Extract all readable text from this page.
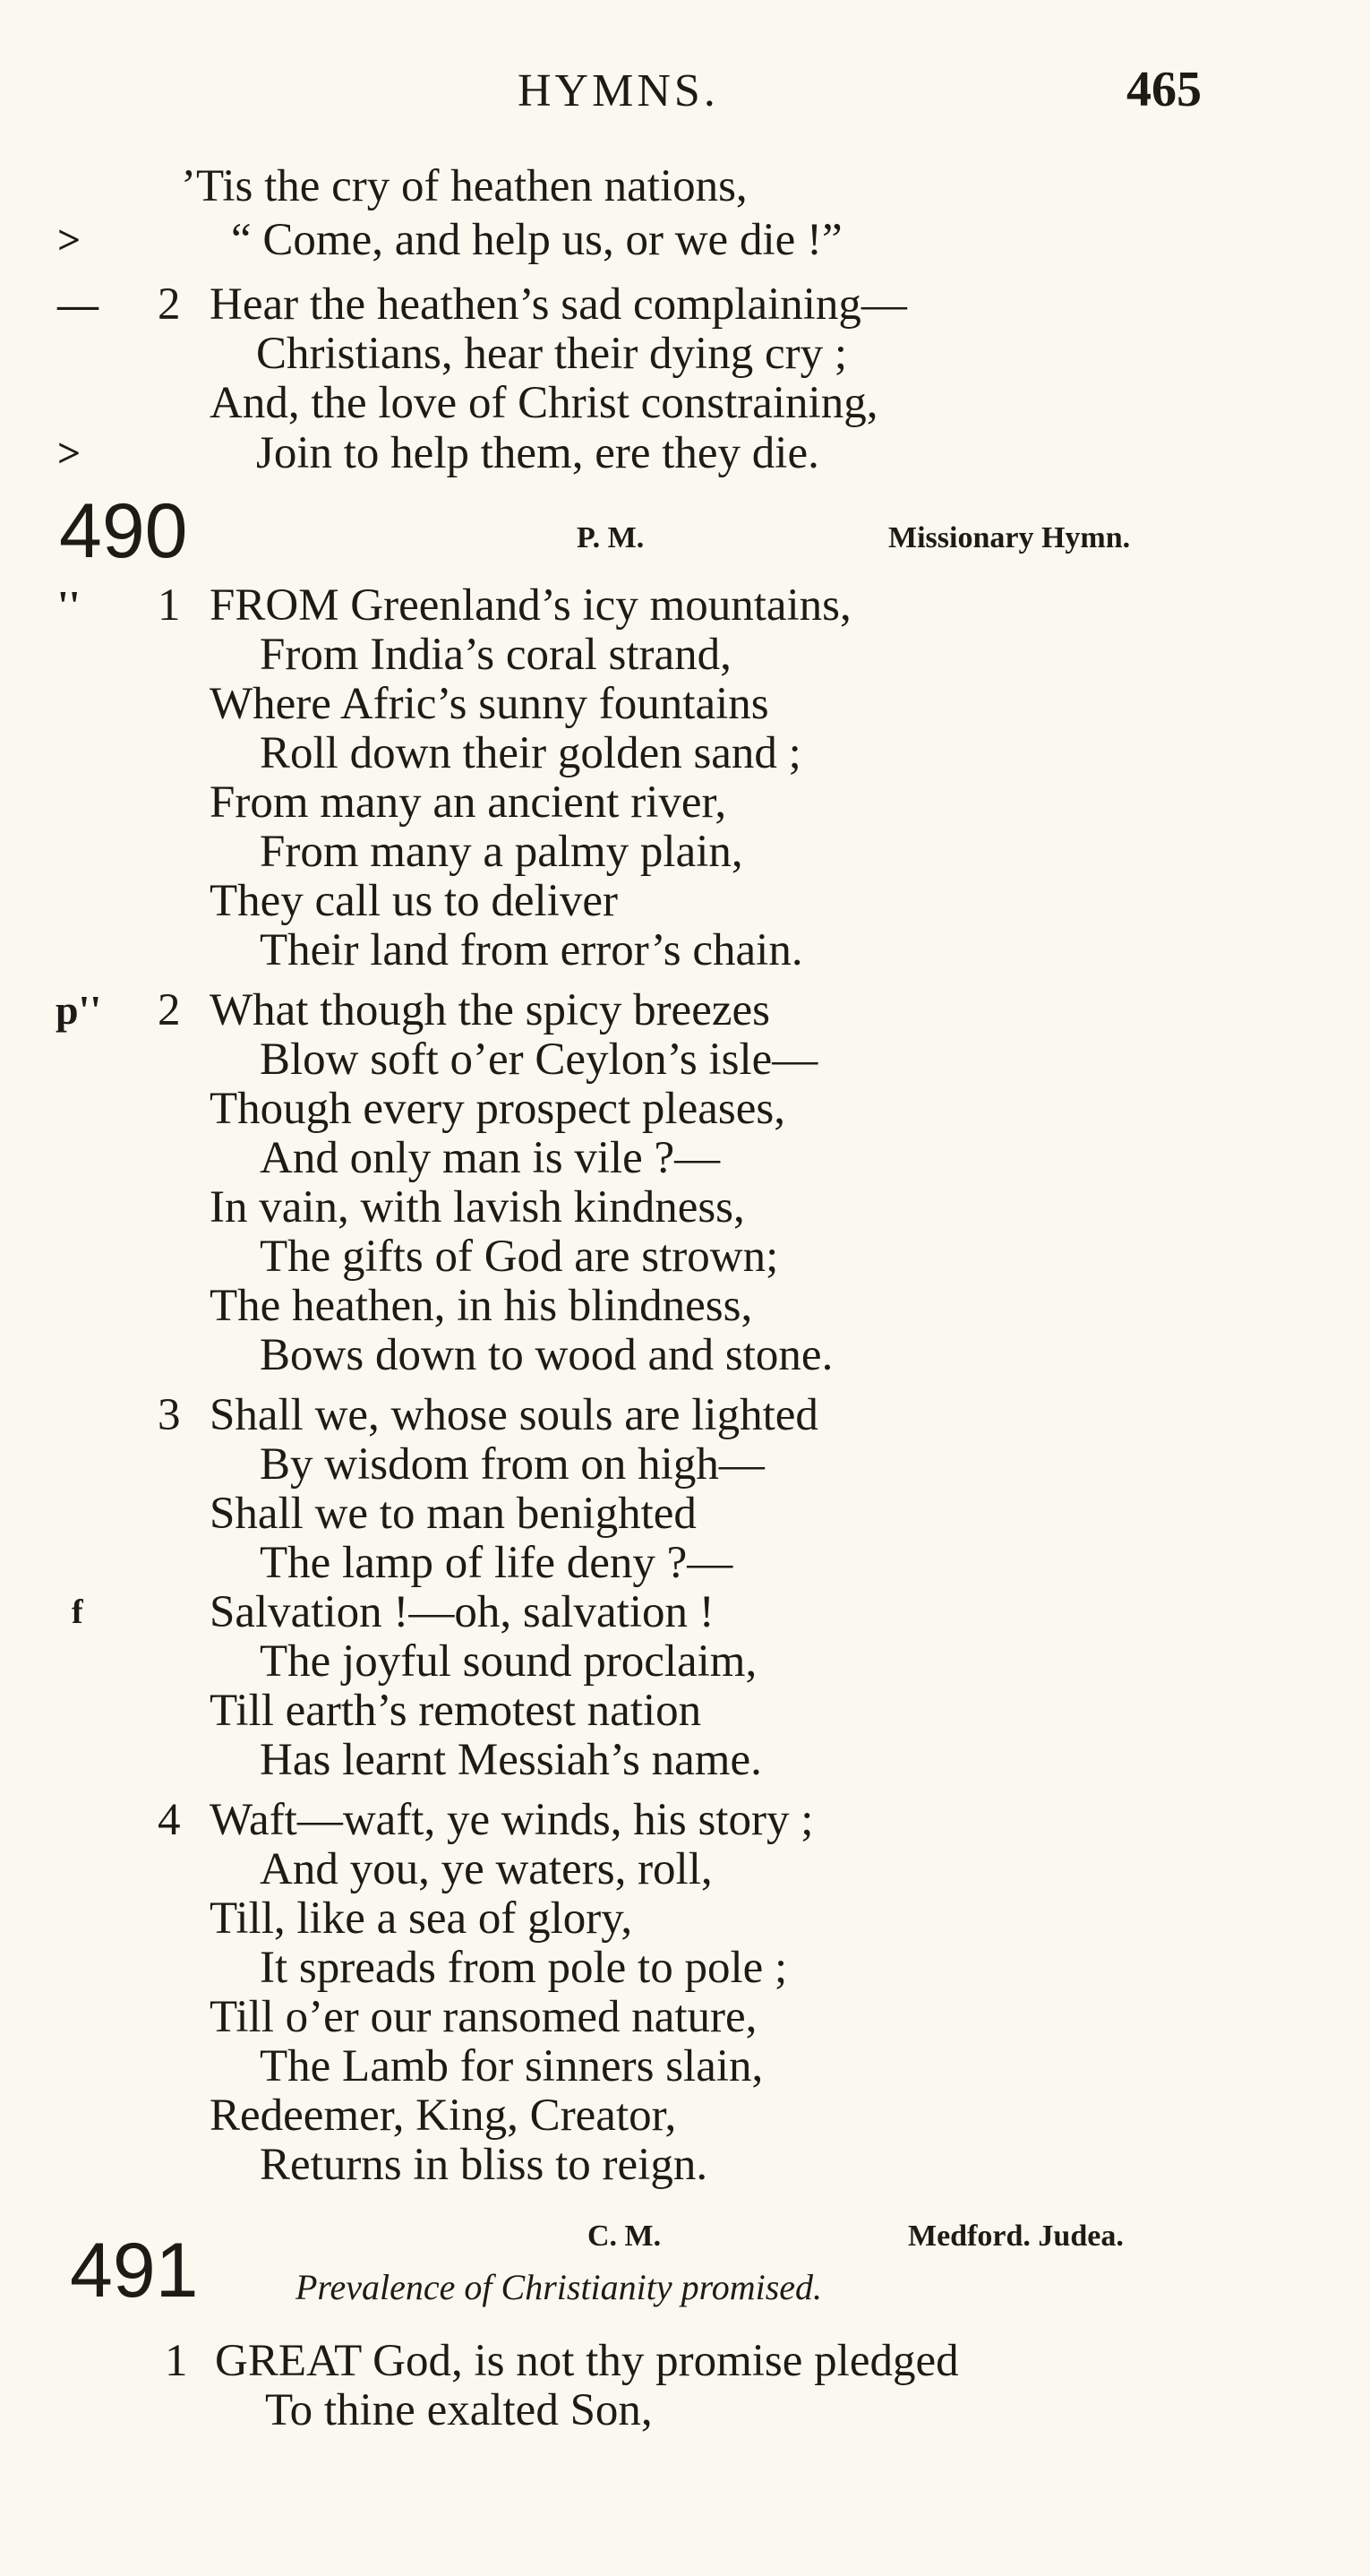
HYMNS.	465
’Tis the cry of heathen nations,
>	“ Come, and help us, or we die !”
— 2 Hear the heathen’s sad complaining—
Christians, hear their dying cry ;
And, the love of Christ constraining,
>	Join to help them, ere they die.
490	P. M.	Missionary Hymn.
'' 1 FROM Greenland’s icy mountains,
From India’s coral strand,
Where Afric’s sunny fountains
Roll down their golden sand ;
From many an ancient river,
From many a palmy plain,
They call us to deliver
Their land from error’s chain.
p'' 2 What though the spicy breezes
Blow soft o’er Ceylon’s isle—
Though every prospect pleases,
And only man is vile ?—
In vain, with lavish kindness,
The gifts of God are strown;
The heathen, in his blindness,
Bows down to wood and stone.
3 Shall we, whose souls are lighted
By wisdom from on high—
Shall we to man benighted
The lamp of life deny ?—
f	Salvation !—oh, salvation !
The joyful sound proclaim,
Till earth’s remotest nation
Has learnt Messiah’s name.
4 Waft—waft, ye winds, his story ;
And you, ye waters, roll,
Till, like a sea of glory,
It spreads from pole to pole ;
Till o’er our ransomed nature,
The Lamb for sinners slain,
Redeemer, King, Creator,
Returns in bliss to reign.
C. M.	Medford. Judea.
491	Prevalence of Christianity promised.
1 GREAT God, is not thy promise pledged
To thine exalted Son,
